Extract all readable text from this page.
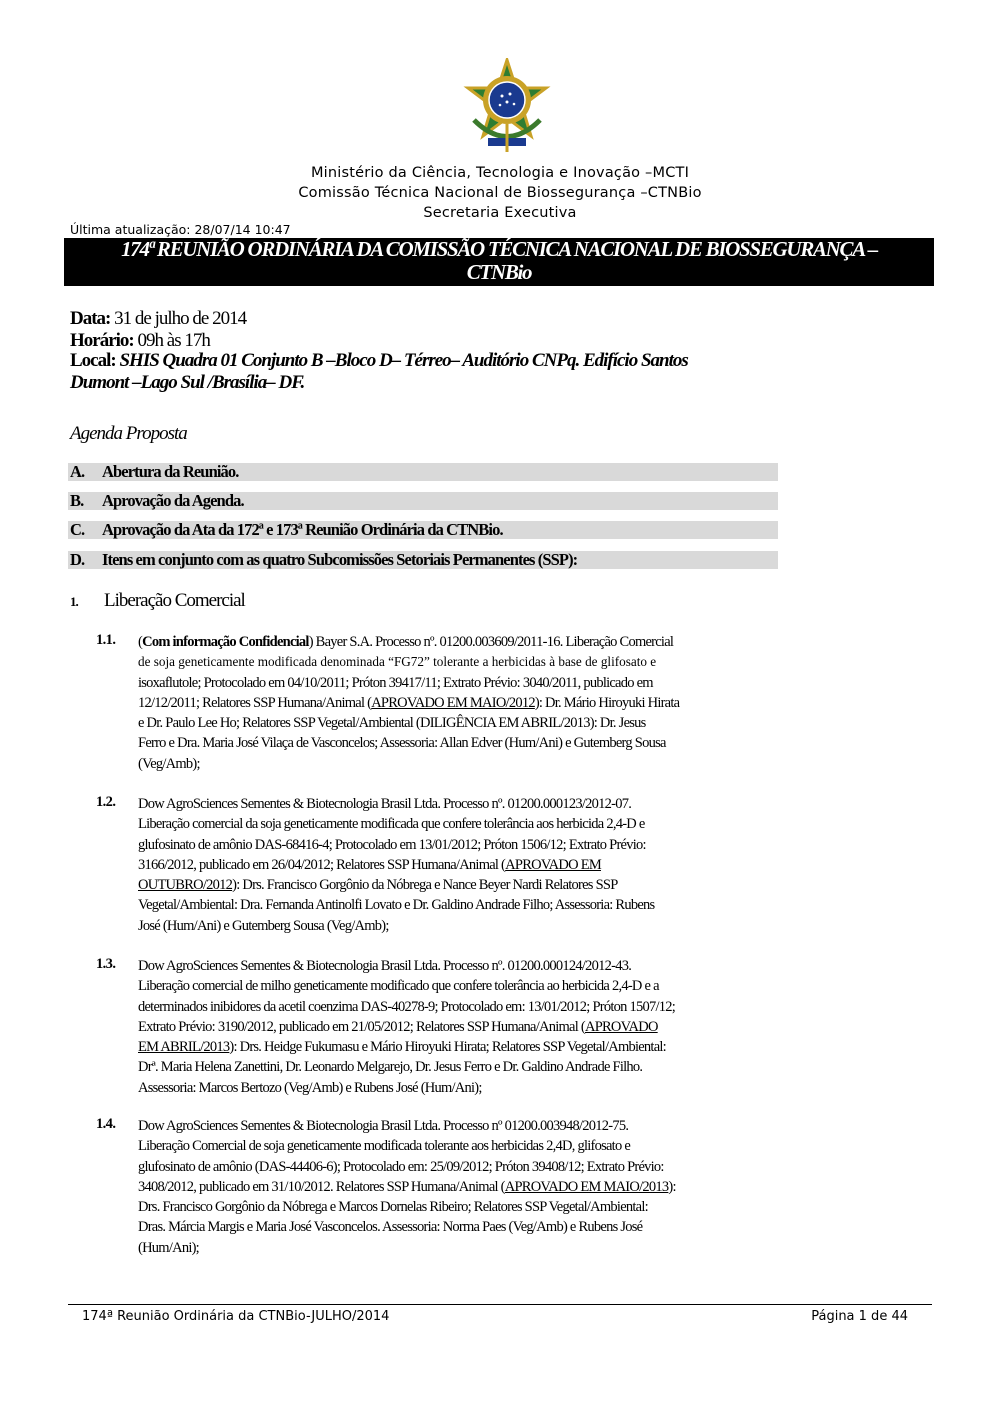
Ministério da Ciência, Tecnologia e Inovação –MCTI
Comissão Técnica Nacional de Biossegurança –CTNBio
Secretaria Executiva
Última atualização: 28/07/14 10:47
174ª REUNIÃO ORDINÁRIA DA COMISSÃO TÉCNICA NACIONAL DE BIOSSEGURANÇA –
CTNBio
Data: 31 de julho de 2014
Horário: 09h às 17h
Local: SHIS Quadra 01 Conjunto B –Bloco D– Térreo– Auditório CNPq. Edifício Santos
Dumont –Lago Sul /Brasília– DF.
Agenda Proposta
A. Abertura da Reunião.
B. Aprovação da Agenda.
C. Aprovação da Ata da 172ª e 173ª Reunião Ordinária da CTNBio.
D. Itens em conjunto com as quatro Subcomissões Setoriais Permanentes (SSP):
1. Liberação Comercial
1.1. (Com informação Confidencial) Bayer S.A. Processo nº. 01200.003609/2011-16. Liberação Comercial
de soja geneticamente modificada denominada “FG72” tolerante a herbicidas à base de glifosato e
isoxaflutole; Protocolado em 04/10/2011; Próton 39417/11; Extrato Prévio: 3040/2011, publicado em
12/12/2011; Relatores SSP Humana/Animal (APROVADO EM MAIO/2012): Dr. Mário Hiroyuki Hirata
e Dr. Paulo Lee Ho; Relatores SSP Vegetal/Ambiental (DILIGÊNCIA EM ABRIL/2013): Dr. Jesus
Ferro e Dra. Maria José Vilaça de Vasconcelos; Assessoria: Allan Edver (Hum/Ani) e Gutemberg Sousa
(Veg/Amb);
1.2. Dow AgroSciences Sementes & Biotecnologia Brasil Ltda. Processo nº. 01200.000123/2012-07.
Liberação comercial da soja geneticamente modificada que confere tolerância aos herbicida 2,4-D e
glufosinato de amônio DAS-68416-4; Protocolado em 13/01/2012; Próton 1506/12; Extrato Prévio:
3166/2012, publicado em 26/04/2012; Relatores SSP Humana/Animal (APROVADO EM
OUTUBRO/2012): Drs. Francisco Gorgônio da Nóbrega e Nance Beyer Nardi Relatores SSP
Vegetal/Ambiental: Dra. Fernanda Antinolfi Lovato e Dr. Galdino Andrade Filho; Assessoria: Rubens
José (Hum/Ani) e Gutemberg Sousa (Veg/Amb);
1.3. Dow AgroSciences Sementes & Biotecnologia Brasil Ltda. Processo nº. 01200.000124/2012-43.
Liberação comercial de milho geneticamente modificado que confere tolerância ao herbicida 2,4-D e a
determinados inibidores da acetil coenzima DAS-40278-9; Protocolado em: 13/01/2012; Próton 1507/12;
Extrato Prévio: 3190/2012, publicado em 21/05/2012; Relatores SSP Humana/Animal (APROVADO
EM ABRIL/2013): Drs. Heidge Fukumasu e Mário Hiroyuki Hirata; Relatores SSP Vegetal/Ambiental:
Drª. Maria Helena Zanettini, Dr. Leonardo Melgarejo, Dr. Jesus Ferro e Dr. Galdino Andrade Filho.
Assessoria: Marcos Bertozo (Veg/Amb) e Rubens José (Hum/Ani);
1.4. Dow AgroSciences Sementes & Biotecnologia Brasil Ltda. Processo nº 01200.003948/2012-75.
Liberação Comercial de soja geneticamente modificada tolerante aos herbicidas 2,4D, glifosato e
glufosinato de amônio (DAS-44406-6); Protocolado em: 25/09/2012; Próton 39408/12; Extrato Prévio:
3408/2012, publicado em 31/10/2012. Relatores SSP Humana/Animal (APROVADO EM MAIO/2013):
Drs. Francisco Gorgônio da Nóbrega e Marcos Dornelas Ribeiro; Relatores SSP Vegetal/Ambiental:
Dras. Márcia Margis e Maria José Vasconcelos. Assessoria: Norma Paes (Veg/Amb) e Rubens José
(Hum/Ani);
174ª Reunião Ordinária da CTNBio-JULHO/2014	Página 1 de 44
